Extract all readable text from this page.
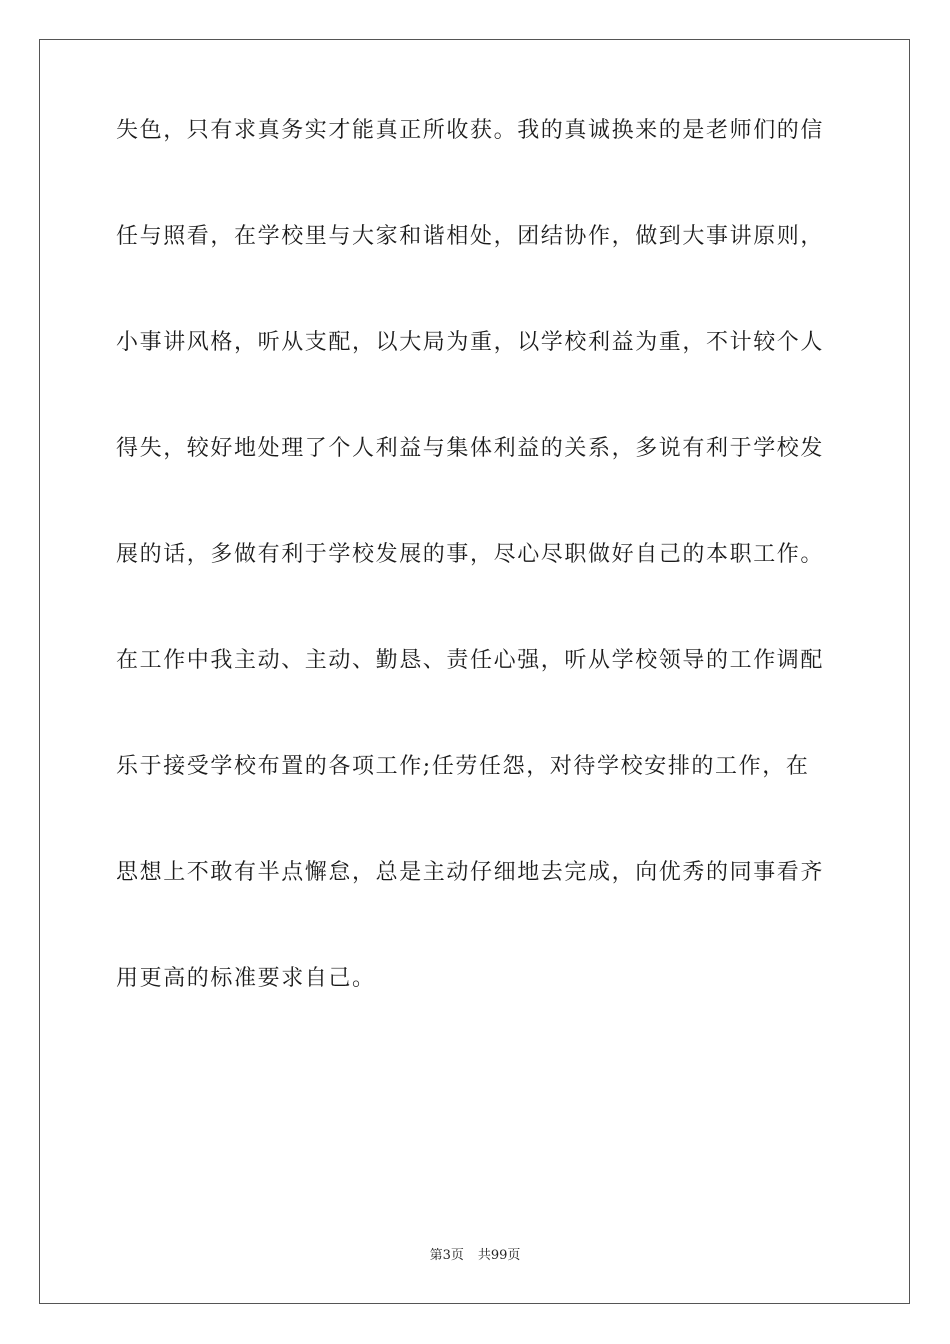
失色，只有求真务实才能真正所收获。我的真诚换来的是老师们的信
任与照看，在学校里与大家和谐相处，团结协作，做到大事讲原则，
小事讲风格，听从支配，以大局为重，以学校利益为重，不计较个人
得失，较好地处理了个人利益与集体利益的关系，多说有利于学校发
展的话，多做有利于学校发展的事，尽心尽职做好自己的本职工作。
在工作中我主动、主动、勤恳、责任心强，听从学校领导的工作调配
乐于接受学校布置的各项工作;任劳任怨，对待学校安排的工作，在
思想上不敢有半点懈怠，总是主动仔细地去完成，向优秀的同事看齐
用更高的标准要求自己。
第3页 共99页
